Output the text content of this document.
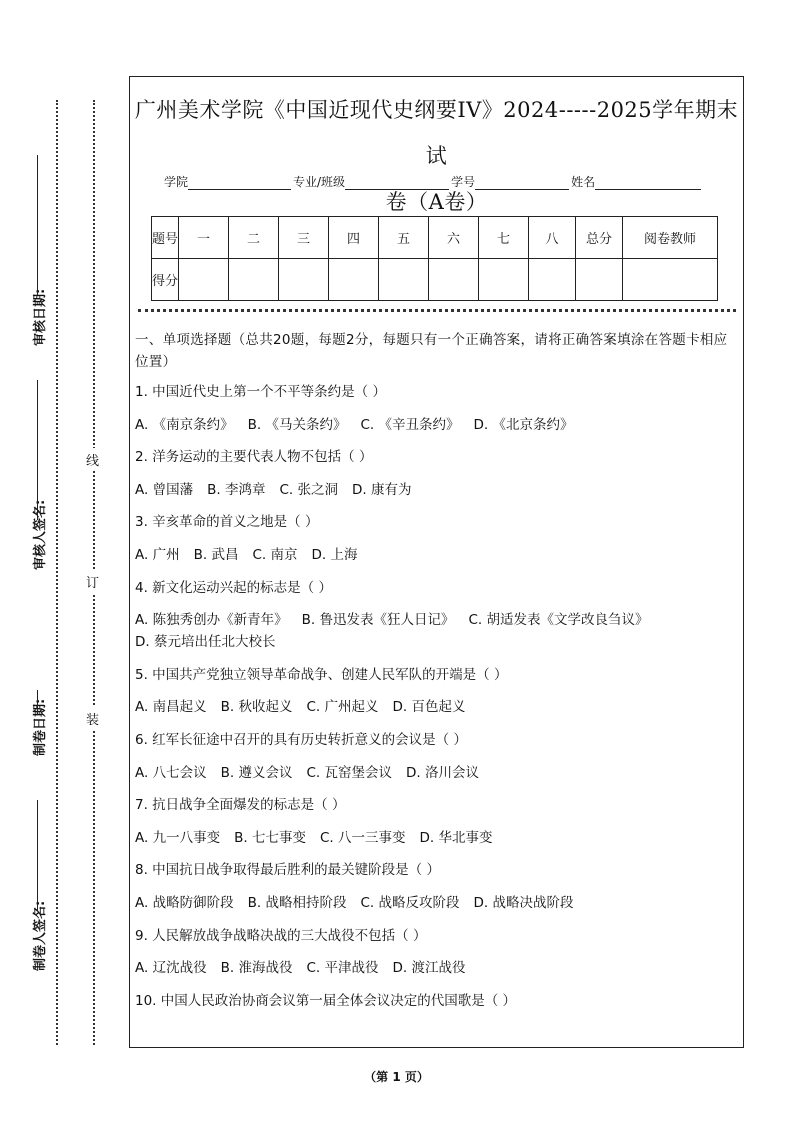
审核日期:
审核人签名:
制卷日期:
制卷人签名:
线
订
装
广州美术学院《中国近现代史纲要IV》2024-----2025学年期末试
卷（A卷）
学院	专业/班级	学号	姓名
题号	一	二	三	四	五	六	七	八	总分	阅卷教师
得分										
一、单项选择题（总共20题，每题2分，每题只有一个正确答案，请将正确答案填涂在答题卡相应位置）
1. 中国近代史上第一个不平等条约是（ ）
A. 《南京条约》 B. 《马关条约》 C. 《辛丑条约》 D. 《北京条约》
2. 洋务运动的主要代表人物不包括（ ）
A. 曾国藩 B. 李鸿章 C. 张之洞 D. 康有为
3. 辛亥革命的首义之地是（ ）
A. 广州 B. 武昌 C. 南京 D. 上海
4. 新文化运动兴起的标志是（ ）
A. 陈独秀创办《新青年》 B. 鲁迅发表《狂人日记》 C. 胡适发表《文学改良刍议》
D. 蔡元培出任北大校长
5. 中国共产党独立领导革命战争、创建人民军队的开端是（ ）
A. 南昌起义 B. 秋收起义 C. 广州起义 D. 百色起义
6. 红军长征途中召开的具有历史转折意义的会议是（ ）
A. 八七会议 B. 遵义会议 C. 瓦窑堡会议 D. 洛川会议
7. 抗日战争全面爆发的标志是（ ）
A. 九一八事变 B. 七七事变 C. 八一三事变 D. 华北事变
8. 中国抗日战争取得最后胜利的最关键阶段是（ ）
A. 战略防御阶段 B. 战略相持阶段 C. 战略反攻阶段 D. 战略决战阶段
9. 人民解放战争战略决战的三大战役不包括（ ）
A. 辽沈战役 B. 淮海战役 C. 平津战役 D. 渡江战役
10. 中国人民政治协商会议第一届全体会议决定的代国歌是（ ）
（第 1 页）
